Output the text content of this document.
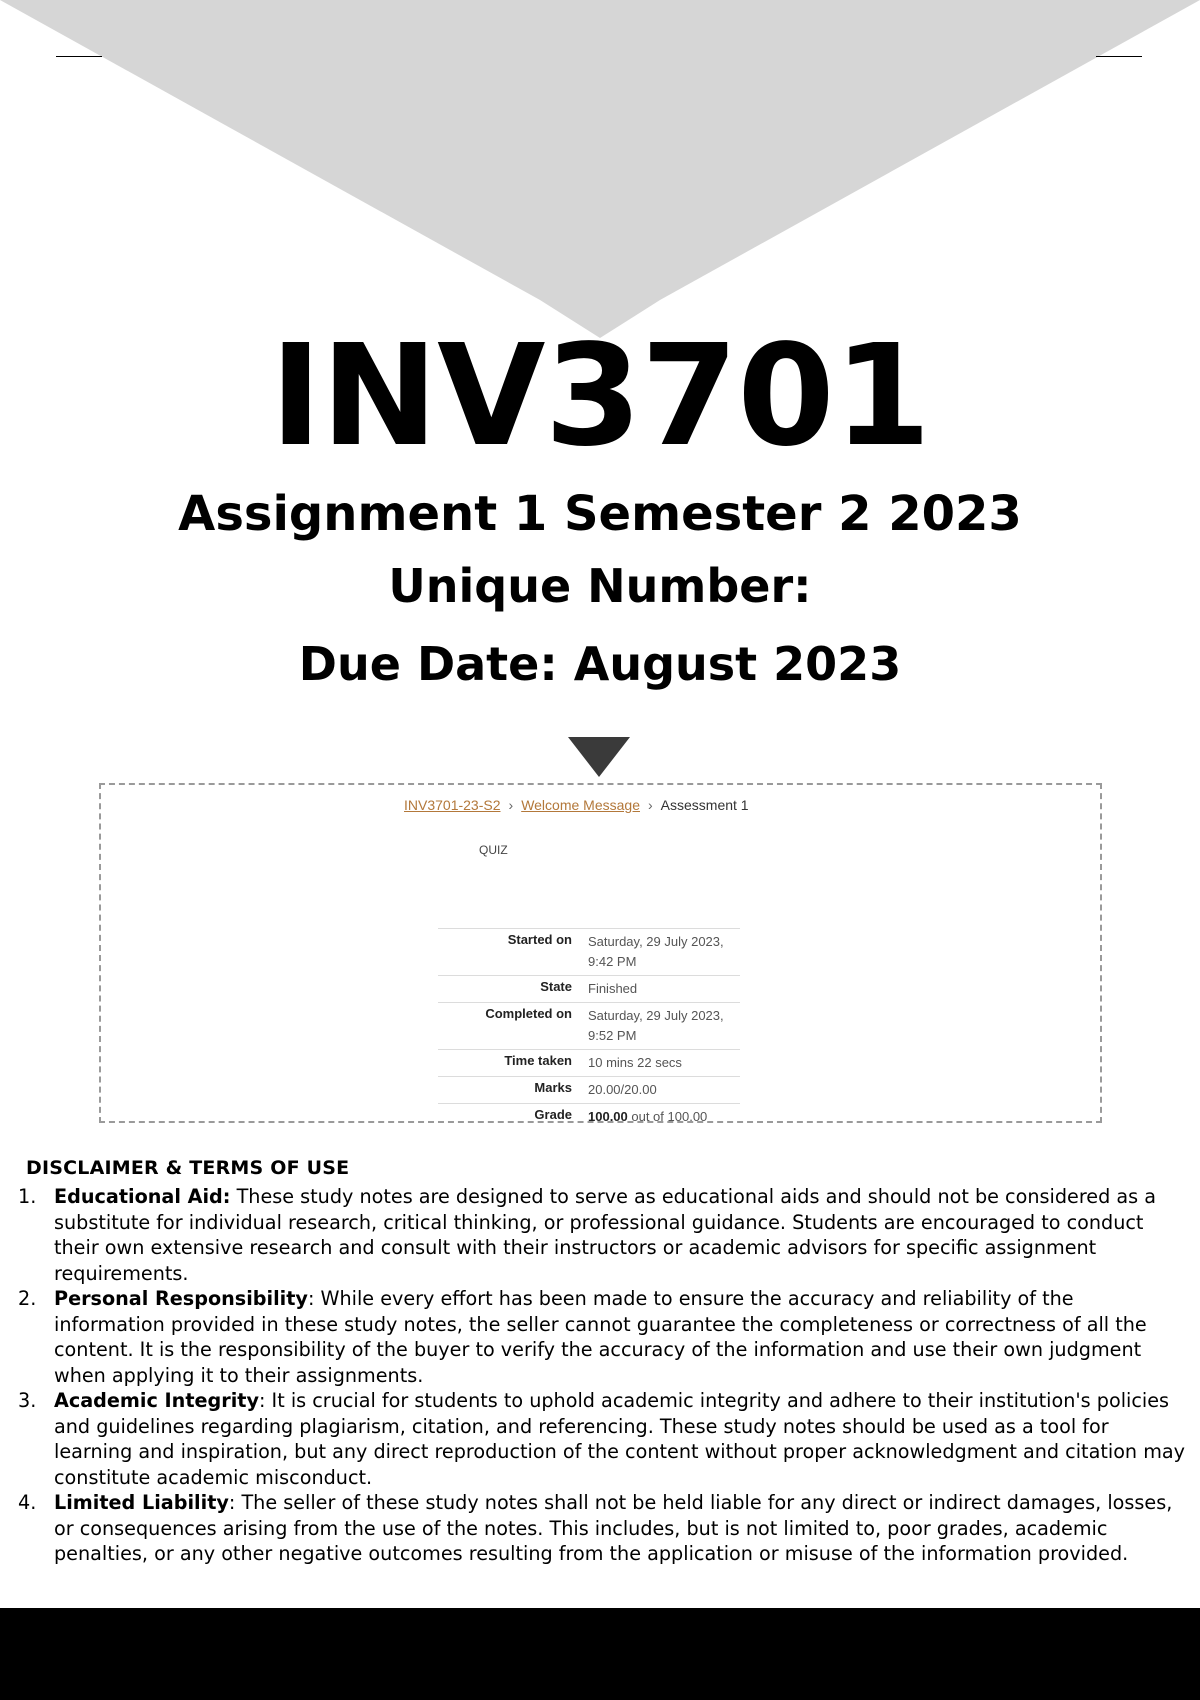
INV3701
Assignment 1 Semester 2 2023
Unique Number:
Due Date: August 2023
INV3701-23-S2 › Welcome Message › Assessment 1
QUIZ
Started on	Saturday, 29 July 2023, 9:42 PM
State	Finished
Completed on	Saturday, 29 July 2023, 9:52 PM
Time taken	10 mins 22 secs
Marks	20.00/20.00
Grade	100.00 out of 100.00
DISCLAIMER & TERMS OF USE
1. Educational Aid: These study notes are designed to serve as educational aids and should not be considered as a substitute for individual research, critical thinking, or professional guidance. Students are encouraged to conduct their own extensive research and consult with their instructors or academic advisors for specific assignment requirements.
2. Personal Responsibility: While every effort has been made to ensure the accuracy and reliability of the information provided in these study notes, the seller cannot guarantee the completeness or correctness of all the content. It is the responsibility of the buyer to verify the accuracy of the information and use their own judgment when applying it to their assignments.
3. Academic Integrity: It is crucial for students to uphold academic integrity and adhere to their institution's policies and guidelines regarding plagiarism, citation, and referencing. These study notes should be used as a tool for learning and inspiration, but any direct reproduction of the content without proper acknowledgment and citation may constitute academic misconduct.
4. Limited Liability: The seller of these study notes shall not be held liable for any direct or indirect damages, losses, or consequences arising from the use of the notes. This includes, but is not limited to, poor grades, academic penalties, or any other negative outcomes resulting from the application or misuse of the information provided.
